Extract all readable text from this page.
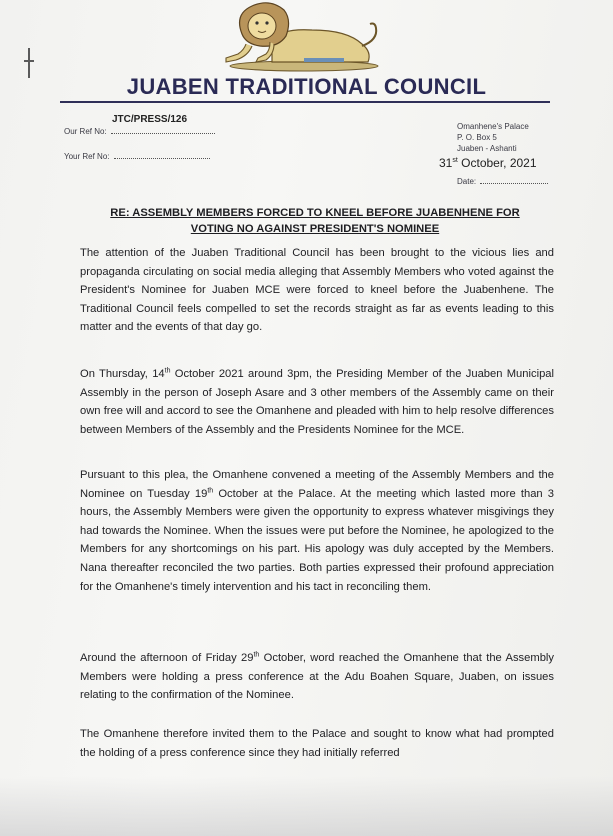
JUABEN TRADITIONAL COUNCIL
JTC/PRESS/126
Our Ref No:
Your Ref No:
Omanhene's Palace
P. O. Box 5
Juaben - Ashanti
31st October, 2021
Date:
RE: ASSEMBLY MEMBERS FORCED TO KNEEL BEFORE JUABENHENE FOR
VOTING NO AGAINST PRESIDENT'S NOMINEE

The attention of the Juaben Traditional Council has been brought to the vicious lies and propaganda circulating on social media alleging that Assembly Members who voted against the President's Nominee for Juaben MCE were forced to kneel before the Juabenhene. The Traditional Council feels compelled to set the records straight as far as events leading to this matter and the events of that day go.

On Thursday, 14th October 2021 around 3pm, the Presiding Member of the Juaben Municipal Assembly in the person of Joseph Asare and 3 other members of the Assembly came on their own free will and accord to see the Omanhene and pleaded with him to help resolve differences between Members of the Assembly and the Presidents Nominee for the MCE.

Pursuant to this plea, the Omanhene convened a meeting of the Assembly Members and the Nominee on Tuesday 19th October at the Palace. At the meeting which lasted more than 3 hours, the Assembly Members were given the opportunity to express whatever misgivings they had towards the Nominee. When the issues were put before the Nominee, he apologized to the Members for any shortcomings on his part. His apology was duly accepted by the Members. Nana thereafter reconciled the two parties. Both parties expressed their profound appreciation for the Omanhene's timely intervention and his tact in reconciling them.

Around the afternoon of Friday 29th October, word reached the Omanhene that the Assembly Members were holding a press conference at the Adu Boahen Square, Juaben, on issues relating to the confirmation of the Nominee.

The Omanhene therefore invited them to the Palace and sought to know what had prompted the holding of a press conference since they had initially referred
